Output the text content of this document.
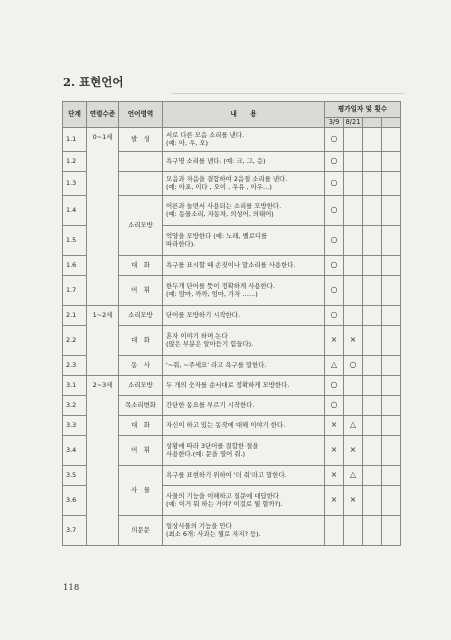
2. 표현언어
단계	연령수준	언어영역	내　　용	평가일자 및 횟수			
				3/9	8/21		
1.1	0~1세	발　성	서로 다른 모음 소리를 낸다.
(예: 아, 우, 오)	○			
1.2			욕구명 소리를 낸다. (예: 크, 그, 응)	○			
1.3			모음과 자음을 결합하여 2음절 소리를 낸다.
(예: 아포, 이다 , 오이 , 우유 , 아우…)	○			
1.4		소리모방	어른과 놀면서 사용되는 소리를 모방한다.
(예: 동물소리, 자동차, 의성어, 의태어)	○			
1.5			억양을 모방한다 (예: 노래, 벨로디를
따라한다).	○			
1.6		대　화	욕구를 표시할 때 손짓이나 말소리를 사용한다.	○			
1.7		어　휘	한두개 단어를 뜻이 정확하게 사용한다.
(예: 맘마, 까까, 엄마, 가자 ……)	○			
2.1	1~2세	소리모방	단어를 모방하기 시작한다.	○			
2.2		대　화	혼자 이야기 하며 논다
(많은 부분은 알아듣기 힘들다).	×	×		
2.3		동　사	'~줘, ~주세요' 라고 욕구를 말한다.	△	○		
3.1	2~3세	소리모방	두 개의 숫자를 순서대로 정확하게 모방한다.	○			
3.2		목소리변화	간단한 동요를 부르기 시작한다.	○			
3.3		대　화	자신이 하고 있는 동작에 대해 이야기 한다.	×	△		
3.4		어　휘	상황에 따라 3단어를 결합한 절을
사용한다.(예: 문을 열어 줘.)	×	×		
3.5		사　물	욕구를 표현하기 위하여 '더 줘'라고 말한다.	×	△		
3.6			사물의 기능을 이해하고 질문에 대답한다
(예: 이거 뭐 하는 거야? 이걸로 뭘 할까?).	×	×		
3.7		의문문	일상사물의 기능을 안다
(최소 6개: 사과는 뭘로 자지? 등).				

118
